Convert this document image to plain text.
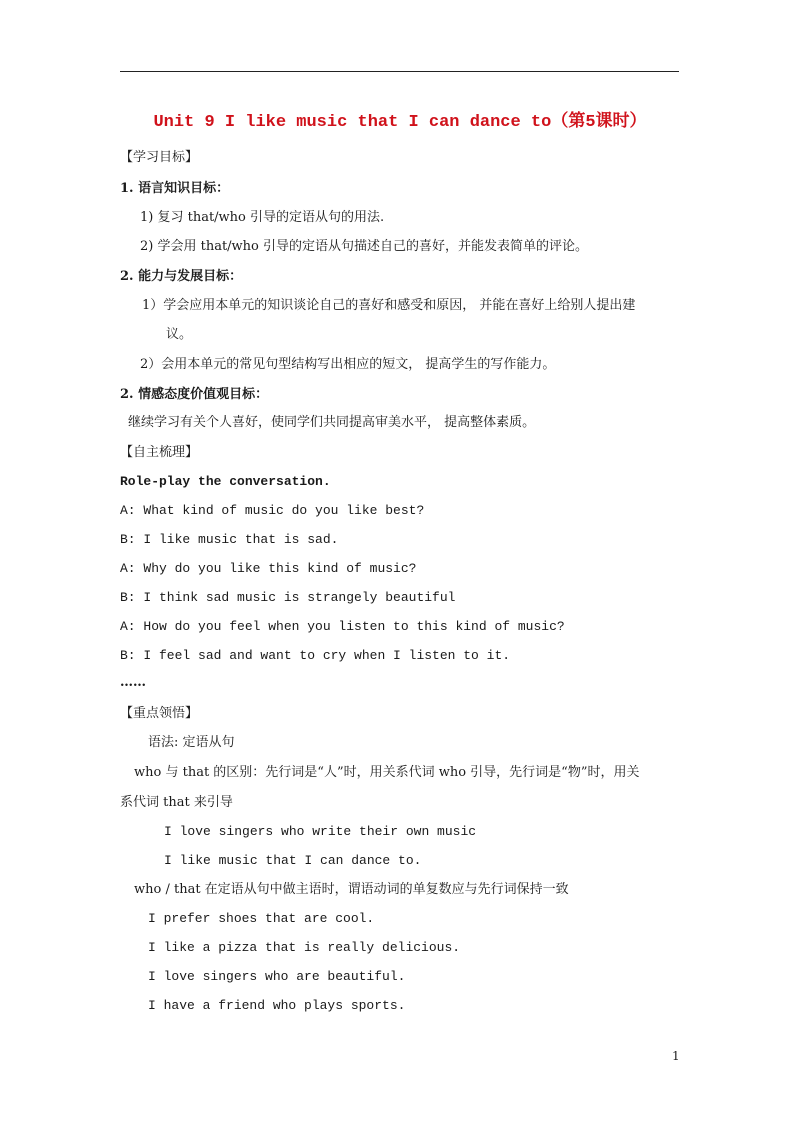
Unit 9 I like music that I can dance to（第5课时）
【学习目标】
1. 语言知识目标：
1) 复习 that/who 引导的定语从句的用法.
2) 学会用 that/who 引导的定语从句描述自己的喜好，并能发表简单的评论。
2. 能力与发展目标：
1）学会应用本单元的知识谈论自己的喜好和感受和原因， 并能在喜好上给别人提出建
议。
2）会用本单元的常见句型结构写出相应的短文， 提高学生的写作能力。
2. 情感态度价值观目标：
继续学习有关个人喜好，使同学们共同提高审美水平， 提高整体素质。
【自主梳理】
Role-play the conversation.
A: What kind of music do you like best?
B: I like music that is sad.
A: Why do you like this kind of music?
B: I think sad music is strangely beautiful
A: How do you feel when you listen to this kind of music?
B: I feel sad and want to cry when I listen to it.
……
【重点领悟】
语法: 定语从句
who 与 that 的区别：先行词是“人”时，用关系代词 who 引导，先行词是“物”时，用关
系代词 that 来引导
I love singers who write their own music
I like music that I can dance to.
who / that 在定语从句中做主语时，谓语动词的单复数应与先行词保持一致
I prefer shoes that are cool.
I like a pizza that is really delicious.
I love singers who are beautiful.
I have a friend who plays sports.
1
